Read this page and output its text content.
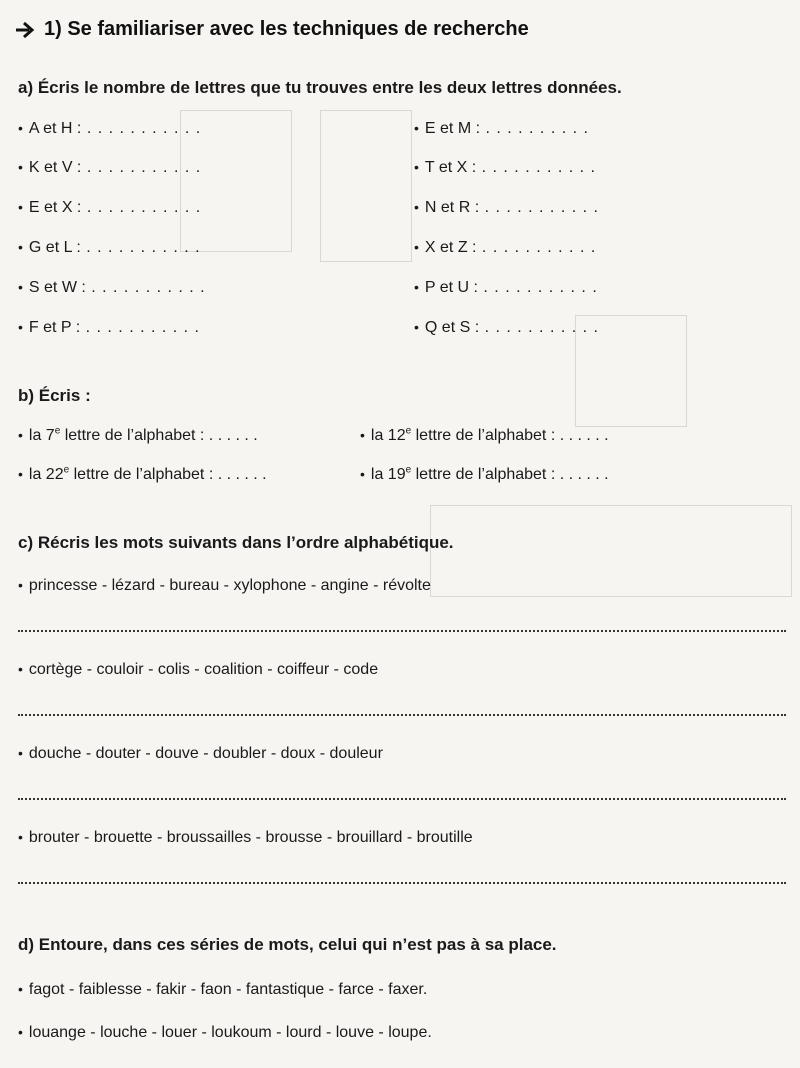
1) Se familiariser avec les techniques de recherche
a) Écris le nombre de lettres que tu trouves entre les deux lettres données.
• A et H : . . . . . . . . . . .
• K et V : . . . . . . . . . . .
• E et X : . . . . . . . . . . .
• G et L : . . . . . . . . . . .
• S et W : . . . . . . . . . . .
• F et P : . . . . . . . . . . .
• E et M : . . . . . . . . . .
• T et X : . . . . . . . . . . .
• N et R : . . . . . . . . . . .
• X et Z : . . . . . . . . . . .
• P et U : . . . . . . . . . . .
• Q et S : . . . . . . . . . . .
b) Écris :
• la 7e lettre de l’alphabet : . . . . . .	• la 12e lettre de l’alphabet : . . . . . .
• la 22e lettre de l’alphabet : . . . . . .	• la 19e lettre de l’alphabet : . . . . . .
c) Récris les mots suivants dans l’ordre alphabétique.
• princesse - lézard - bureau - xylophone - angine - révolte
• cortège - couloir - colis - coalition - coiffeur - code
• douche - douter - douve - doubler - doux - douleur
• brouter - brouette - broussailles - brousse - brouillard - broutille
d) Entoure, dans ces séries de mots, celui qui n’est pas à sa place.
• fagot - faiblesse - fakir - faon - fantastique - farce - faxer.
• louange - louche - louer - loukoum - lourd - louve - loupe.
